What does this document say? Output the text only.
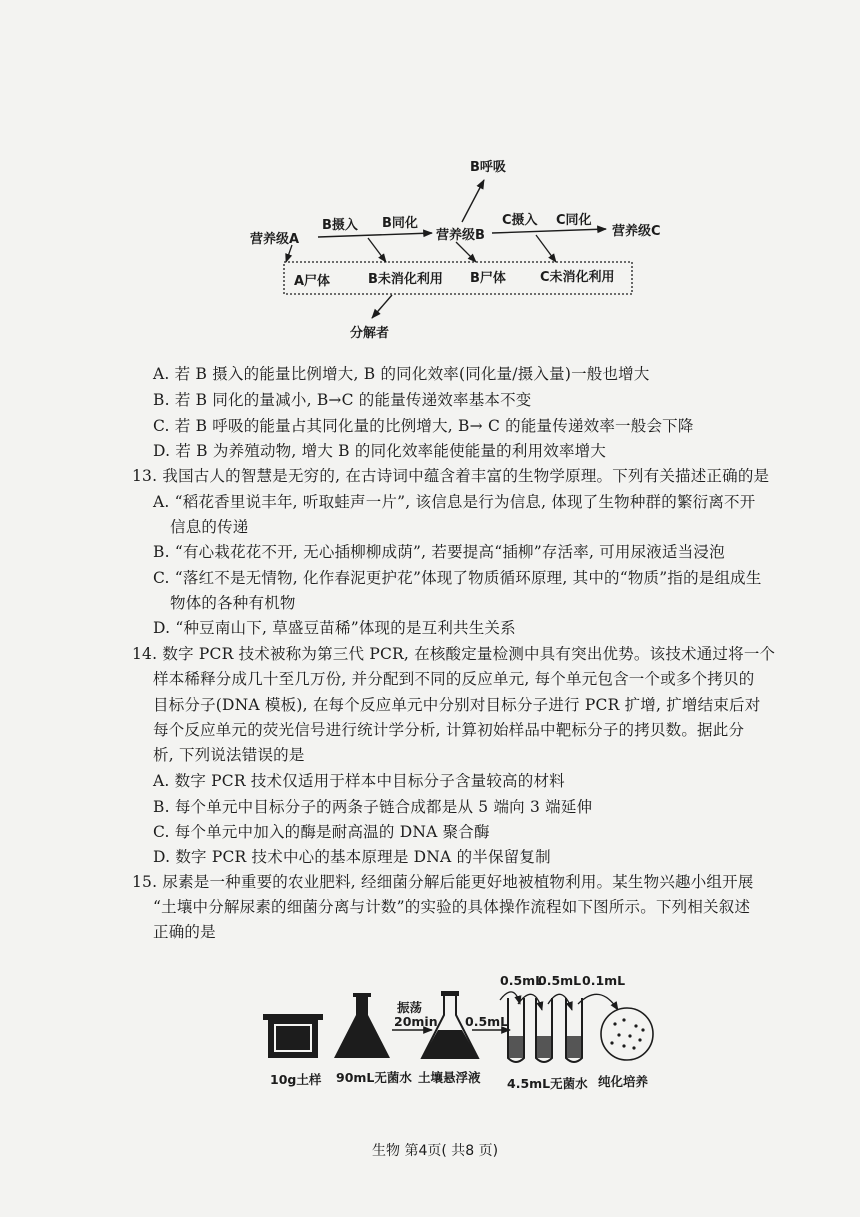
B呼吸
营养级A
B摄入 B同化
营养级B
C摄入 C同化
营养级C
A尸体	B未消化利用 B尸体	C未消化利用
分解者
A. 若 B 摄入的能量比例增大, B 的同化效率(同化量/摄入量)一般也增大
B. 若 B 同化的量减小, B→C 的能量传递效率基本不变
C. 若 B 呼吸的能量占其同化量的比例增大, B→ C 的能量传递效率一般会下降
D. 若 B 为养殖动物, 增大 B 的同化效率能使能量的利用效率增大
13. 我国古人的智慧是无穷的, 在古诗词中蕴含着丰富的生物学原理。下列有关描述正确的是
A. “稻花香里说丰年, 听取蛙声一片”, 该信息是行为信息, 体现了生物种群的繁衍离不开
信息的传递
B. “有心栽花花不开, 无心插柳柳成荫”, 若要提高“插柳”存活率, 可用尿液适当浸泡
C. “落红不是无情物, 化作春泥更护花”体现了物质循环原理, 其中的“物质”指的是组成生
物体的各种有机物
D. “种豆南山下, 草盛豆苗稀”体现的是互利共生关系
14. 数字 PCR 技术被称为第三代 PCR, 在核酸定量检测中具有突出优势。该技术通过将一个
样本稀释分成几十至几万份, 并分配到不同的反应单元, 每个单元包含一个或多个拷贝的
目标分子(DNA 模板), 在每个反应单元中分别对目标分子进行 PCR 扩增, 扩增结束后对
每个反应单元的荧光信号进行统计学分析, 计算初始样品中靶标分子的拷贝数。据此分
析, 下列说法错误的是
A. 数字 PCR 技术仅适用于样本中目标分子含量较高的材料
B. 每个单元中目标分子的两条子链合成都是从 5 端向 3 端延伸
C. 每个单元中加入的酶是耐高温的 DNA 聚合酶
D. 数字 PCR 技术中心的基本原理是 DNA 的半保留复制
15. 尿素是一种重要的农业肥料, 经细菌分解后能更好地被植物利用。某生物兴趣小组开展
“土壤中分解尿素的细菌分离与计数”的实验的具体操作流程如下图所示。下列相关叙述
正确的是
0.5mL
0.5mL 0.1mL
振荡
20min 0.5mL
10g土样 90mL无菌水 土壤悬浮液 4.5mL无菌水 纯化培养
生物 第4页( 共8 页)
